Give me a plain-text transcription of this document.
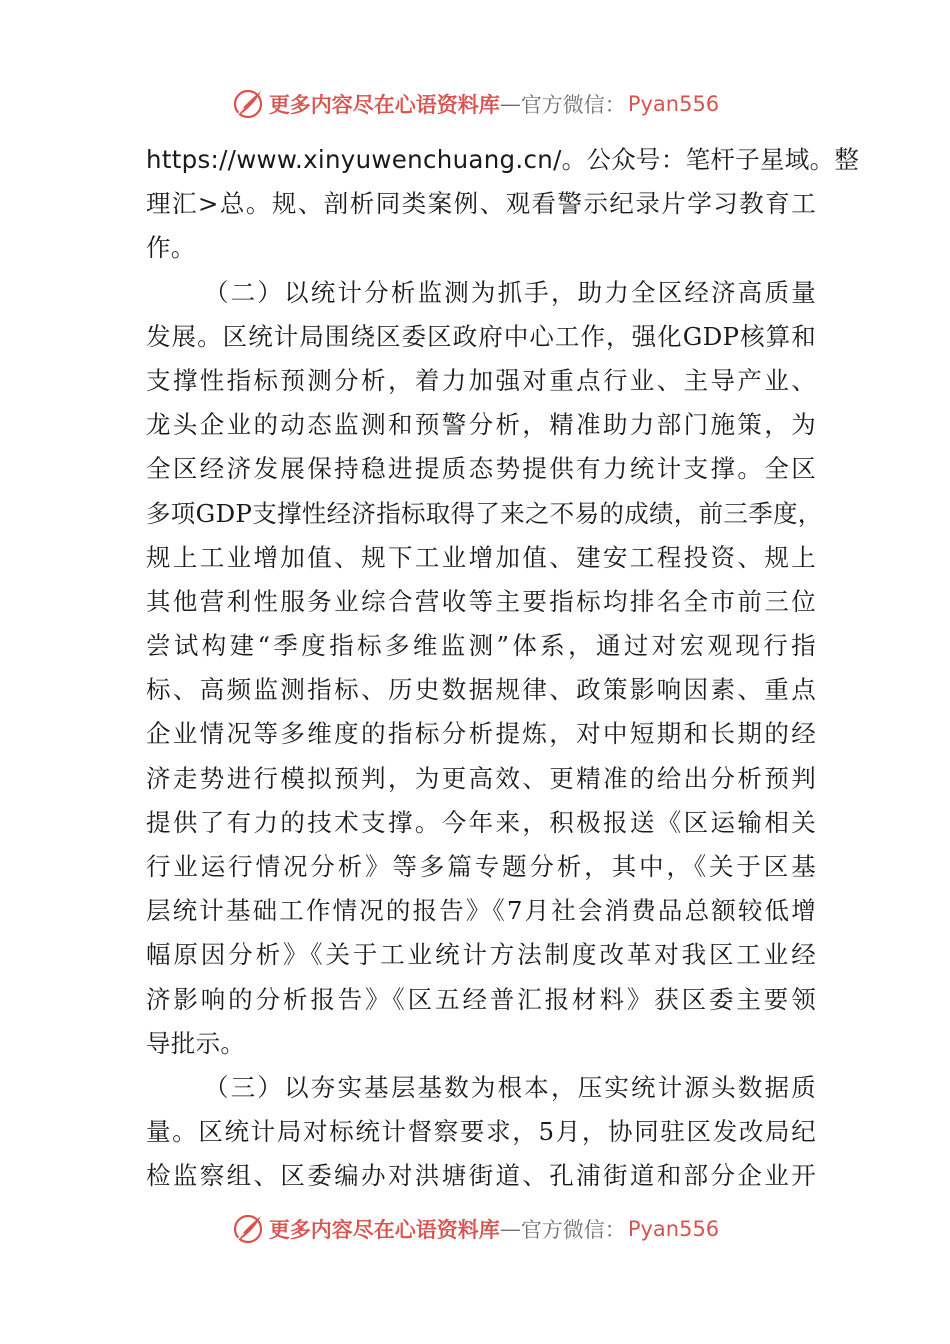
更多内容尽在心语资料库 — 官方微信： Pyan556
https://www.xinyuwenchuang.cn/。公众号：笔杆子星域。整
理汇>总。规、剖析同类案例、观看警示纪录片学习教育工
作。
（二）以统计分析监测为抓手，助力全区经济高质量
发展。区统计局围绕区委区政府中心工作，强化GDP核算和
支撑性指标预测分析，着力加强对重点行业、主导产业、
龙头企业的动态监测和预警分析，精准助力部门施策，为
全区经济发展保持稳进提质态势提供有力统计支撑。全区
多项GDP支撑性经济指标取得了来之不易的成绩，前三季度，
规上工业增加值、规下工业增加值、建安工程投资、规上
其他营利性服务业综合营收等主要指标均排名全市前三位
尝试构建“季度指标多维监测”体系，通过对宏观现行指
标、高频监测指标、历史数据规律、政策影响因素、重点
企业情况等多维度的指标分析提炼，对中短期和长期的经
济走势进行模拟预判，为更高效、更精准的给出分析预判
提供了有力的技术支撑。今年来，积极报送《区运输相关
行业运行情况分析》等多篇专题分析，其中，《关于区基
层统计基础工作情况的报告》《7月社会消费品总额较低增
幅原因分析》《关于工业统计方法制度改革对我区工业经
济影响的分析报告》《区五经普汇报材料》获区委主要领
导批示。
（三）以夯实基层基数为根本，压实统计源头数据质
量。区统计局对标统计督察要求，5月，协同驻区发改局纪
检监察组、区委编办对洪塘街道、孔浦街道和部分企业开
更多内容尽在心语资料库 — 官方微信： Pyan556
